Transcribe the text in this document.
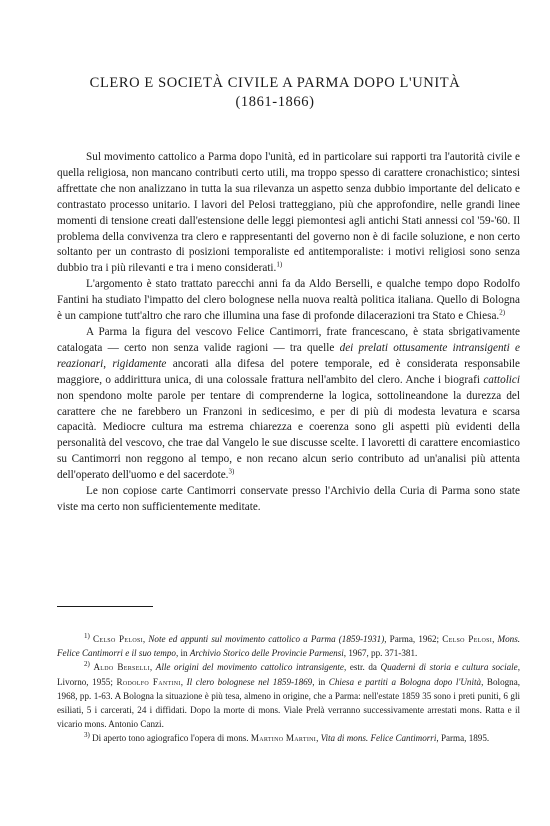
CLERO E SOCIETÀ CIVILE A PARMA DOPO L'UNITÀ
(1861-1866)

Sul movimento cattolico a Parma dopo l'unità, ed in particolare sui rapporti tra l'autorità civile e quella religiosa, non mancano contributi certo utili, ma troppo spesso di carattere cronachistico; sintesi affrettate che non analizzano in tutta la sua rilevanza un aspetto senza dubbio importante del delicato e contrastato processo unitario. I lavori del Pelosi tratteggiano, più che approfondire, nelle grandi linee momenti di tensione creati dall'estensione delle leggi piemontesi agli antichi Stati annessi col '59-'60. Il problema della convivenza tra clero e rappresentanti del governo non è di facile soluzione, e non certo soltanto per un contrasto di posizioni temporaliste ed antitemporaliste: i motivi religiosi sono senza dubbio tra i più rilevanti e tra i meno considerati.$^{1)}$

L'argomento è stato trattato parecchi anni fa da Aldo Berselli, e qualche tempo dopo Rodolfo Fantini ha studiato l'impatto del clero bolognese nella nuova realtà politica italiana. Quello di Bologna è un campione tutt'altro che raro che illumina una fase di profonde dilacerazioni tra Stato e Chiesa.$^{2)}$

A Parma la figura del vescovo Felice Cantimorri, frate francescano, è stata sbrigativamente catalogata — certo non senza valide ragioni — tra quelle dei prelati ottusamente intransigenti e reazionari, rigidamente ancorati alla difesa del potere temporale, ed è considerata responsabile maggiore, o addirittura unica, di una colossale frattura nell'ambito del clero. Anche i biografi cattolici non spendono molte parole per tentare di comprenderne la logica, sottolineandone la durezza del carattere che ne farebbero un Franzoni in sedicesimo, e per di più di modesta levatura e scarsa capacità. Mediocre cultura ma estrema chiarezza e coerenza sono gli aspetti più evidenti della personalità del vescovo, che trae dal Vangelo le sue discusse scelte. I lavoretti di carattere encomiastico su Cantimorri non reggono al tempo, e non recano alcun serio contributo ad un'analisi più attenta dell'operato dell'uomo e del sacerdote.$^{3)}$

Le non copiose carte Cantimorri conservate presso l'Archivio della Curia di Parma sono state viste ma certo non sufficientemente meditate.

$^{1)}$ Celso Pelosi, Note ed appunti sul movimento cattolico a Parma (1859-1931), Parma, 1962; Celso Pelosi, Mons. Felice Cantimorri e il suo tempo, in Archivio Storico delle Provincie Parmensi, 1967, pp. 371-381.

$^{2)}$ Aldo Berselli, Alle origini del movimento cattolico intransigente, estr. da Quaderni di storia e cultura sociale, Livorno, 1955; Rodolfo Fantini, Il clero bolognese nel 1859-1869, in Chiesa e partiti a Bologna dopo l'Unità, Bologna, 1968, pp. 1-63. A Bologna la situazione è più tesa, almeno in origine, che a Parma: nell'estate 1859 35 sono i preti puniti, 6 gli esiliati, 5 i carcerati, 24 i diffidati. Dopo la morte di mons. Viale Prelà verranno successivamente arrestati mons. Ratta e il vicario mons. Antonio Canzi.

$^{3)}$ Di aperto tono agiografico l'opera di mons. Martino Martini, Vita di mons. Felice Cantimorri, Parma, 1895.
